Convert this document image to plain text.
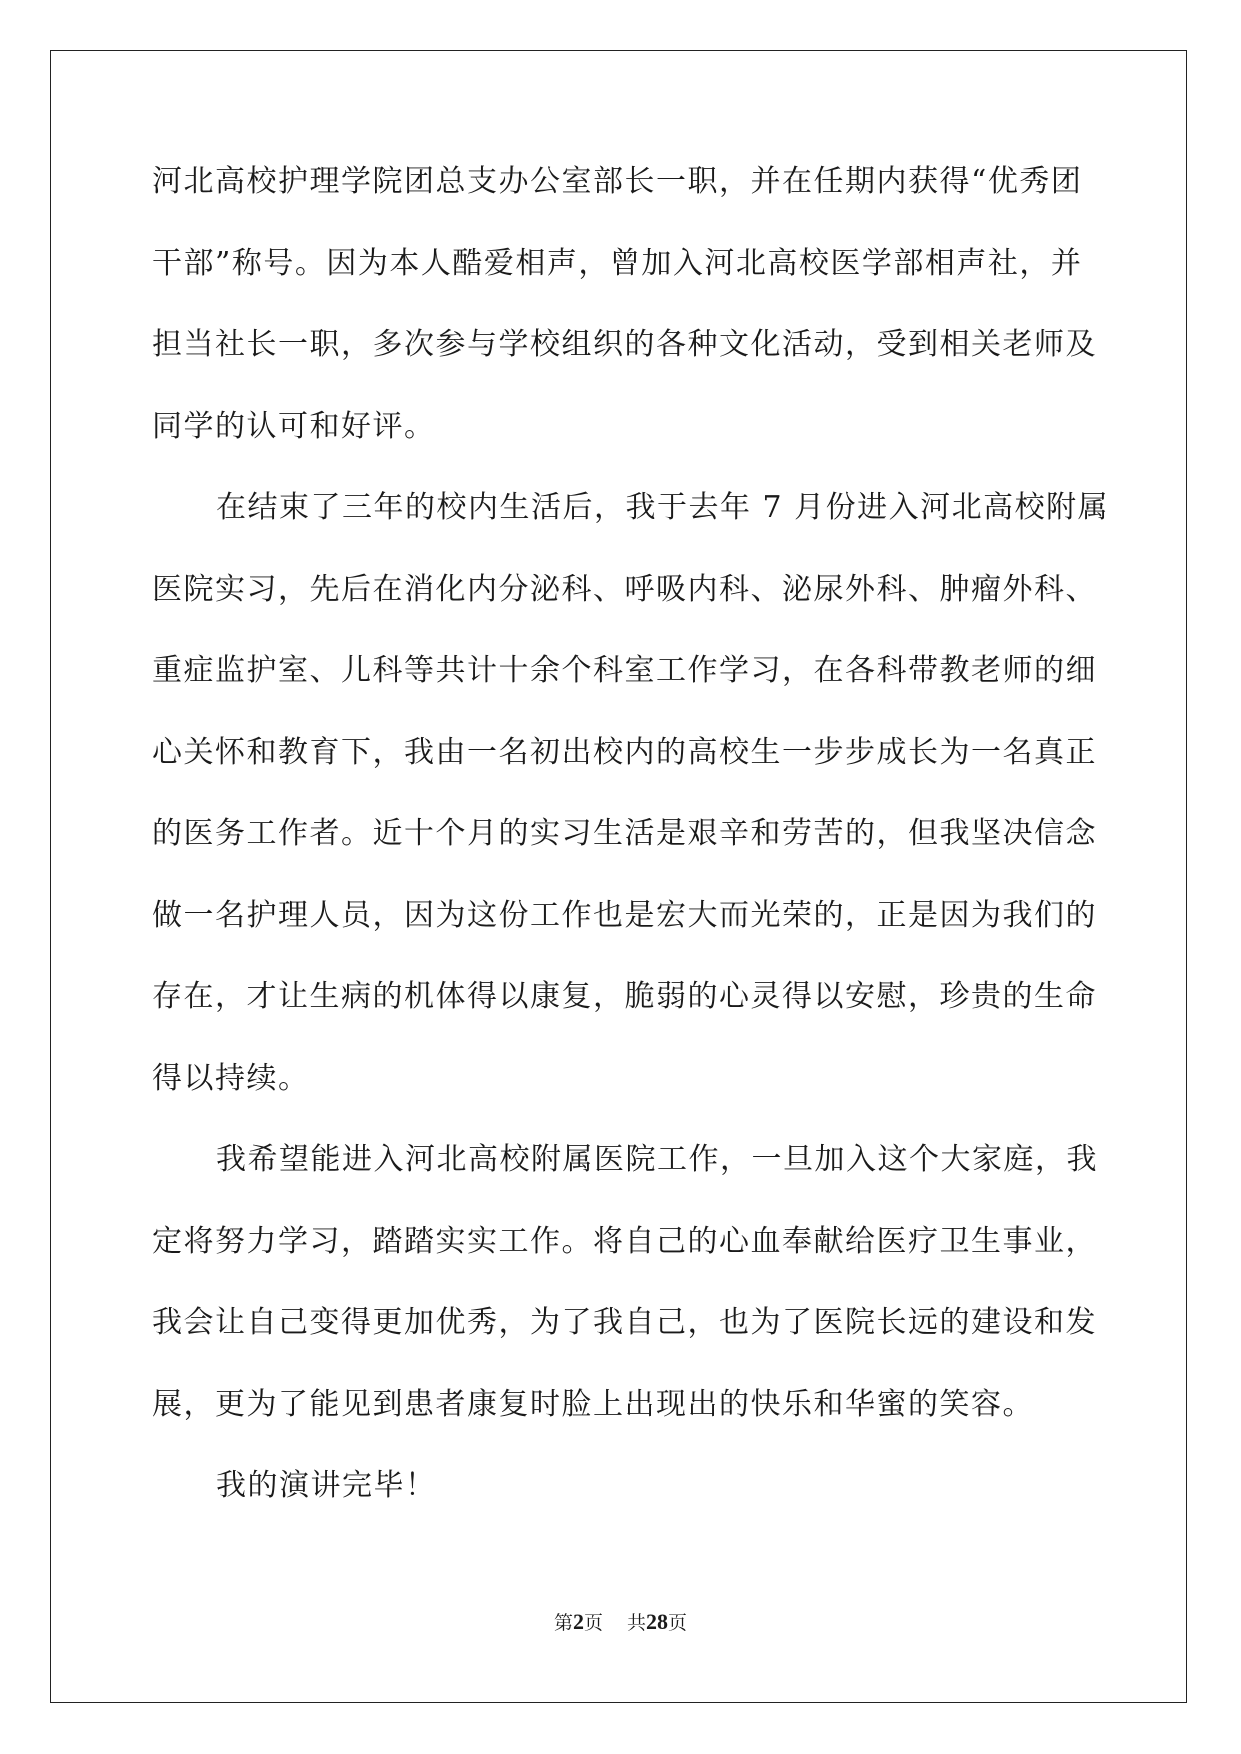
河北高校护理学院团总支办公室部长一职，并在任期内获得“优秀团
干部”称号。因为本人酷爱相声，曾加入河北高校医学部相声社，并
担当社长一职，多次参与学校组织的各种文化活动，受到相关老师及
同学的认可和好评。
在结束了三年的校内生活后，我于去年 7 月份进入河北高校附属
医院实习，先后在消化内分泌科、呼吸内科、泌尿外科、肿瘤外科、
重症监护室、儿科等共计十余个科室工作学习，在各科带教老师的细
心关怀和教育下，我由一名初出校内的高校生一步步成长为一名真正
的医务工作者。近十个月的实习生活是艰辛和劳苦的，但我坚决信念
做一名护理人员，因为这份工作也是宏大而光荣的，正是因为我们的
存在，才让生病的机体得以康复，脆弱的心灵得以安慰，珍贵的生命
得以持续。
我希望能进入河北高校附属医院工作，一旦加入这个大家庭，我
定将努力学习，踏踏实实工作。将自己的心血奉献给医疗卫生事业，
我会让自己变得更加优秀，为了我自己，也为了医院长远的建设和发
展，更为了能见到患者康复时脸上出现出的快乐和华蜜的笑容。
我的演讲完毕！
第2页 共28页
